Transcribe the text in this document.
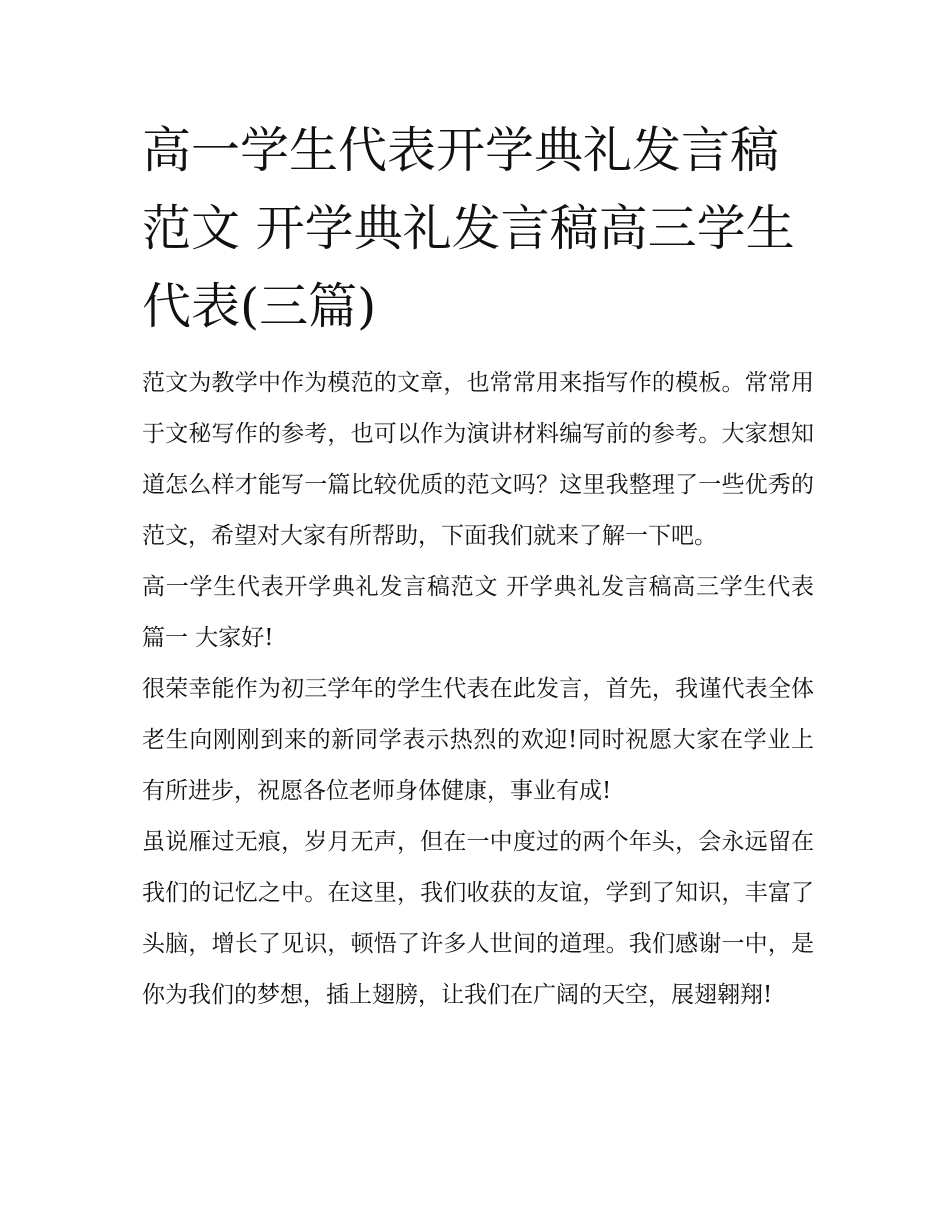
高一学生代表开学典礼发言稿范文 开学典礼发言稿高三学生代表(三篇)

范文为教学中作为模范的文章，也常常用来指写作的模板。常常用于文秘写作的参考，也可以作为演讲材料编写前的参考。大家想知道怎么样才能写一篇比较优质的范文吗？这里我整理了一些优秀的范文，希望对大家有所帮助，下面我们就来了解一下吧。

高一学生代表开学典礼发言稿范文 开学典礼发言稿高三学生代表篇一 大家好!

很荣幸能作为初三学年的学生代表在此发言，首先，我谨代表全体老生向刚刚到来的新同学表示热烈的欢迎!同时祝愿大家在学业上有所进步，祝愿各位老师身体健康，事业有成!

虽说雁过无痕，岁月无声，但在一中度过的两个年头，会永远留在我们的记忆之中。在这里，我们收获的友谊，学到了知识，丰富了头脑，增长了见识，顿悟了许多人世间的道理。我们感谢一中，是你为我们的梦想，插上翅膀，让我们在广阔的天空，展翅翱翔!
